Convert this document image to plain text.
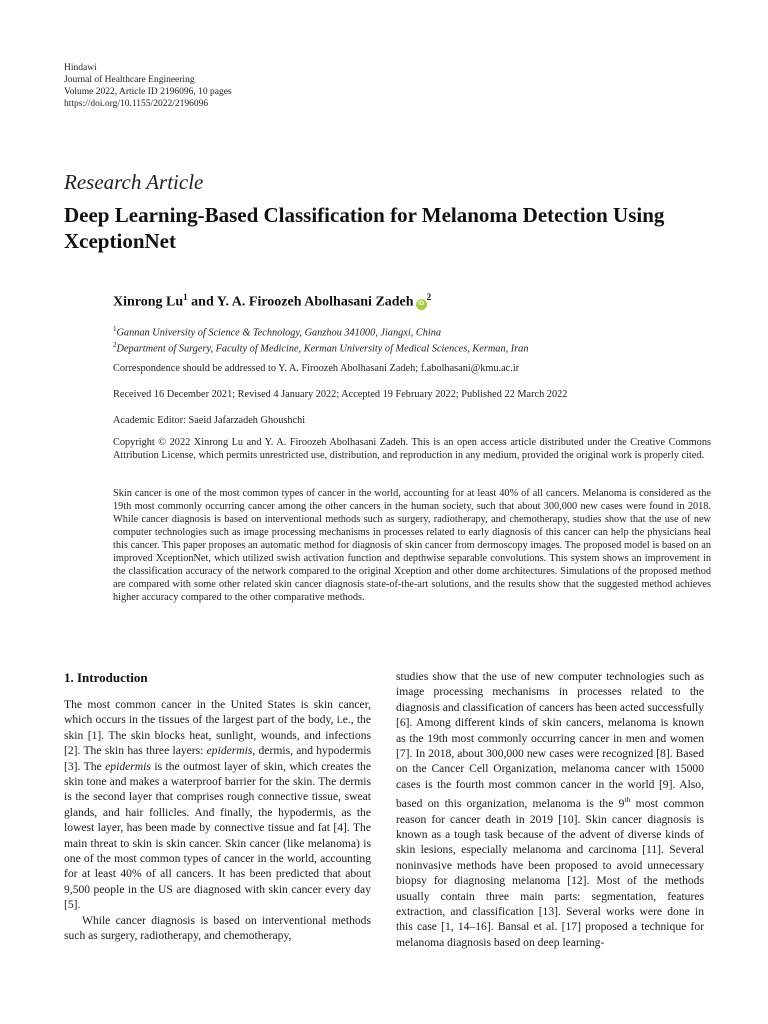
Hindawi
Journal of Healthcare Engineering
Volume 2022, Article ID 2196096, 10 pages
https://doi.org/10.1155/2022/2196096
Research Article
Deep Learning-Based Classification for Melanoma Detection Using XceptionNet
Xinrong Lu$^1$ and Y. A. Firoozeh Abolhasani Zadeh $iD^2$
$^1$Gannan University of Science & Technology, Ganzhou 341000, Jiangxi, China
$^2$Department of Surgery, Faculty of Medicine, Kerman University of Medical Sciences, Kerman, Iran
Correspondence should be addressed to Y. A. Firoozeh Abolhasani Zadeh; f.abolhasani@kmu.ac.ir
Received 16 December 2021; Revised 4 January 2022; Accepted 19 February 2022; Published 22 March 2022
Academic Editor: Saeid Jafarzadeh Ghoushchi
Copyright © 2022 Xinrong Lu and Y. A. Firoozeh Abolhasani Zadeh. This is an open access article distributed under the Creative Commons Attribution License, which permits unrestricted use, distribution, and reproduction in any medium, provided the original work is properly cited.
Skin cancer is one of the most common types of cancer in the world, accounting for at least 40% of all cancers. Melanoma is considered as the 19th most commonly occurring cancer among the other cancers in the human society, such that about 300,000 new cases were found in 2018. While cancer diagnosis is based on interventional methods such as surgery, radiotherapy, and chemotherapy, studies show that the use of new computer technologies such as image processing mechanisms in processes related to early diagnosis of this cancer can help the physicians heal this cancer. This paper proposes an automatic method for diagnosis of skin cancer from dermoscopy images. The proposed model is based on an improved XceptionNet, which utilized swish activation function and depthwise separable convolutions. This system shows an improvement in the classification accuracy of the network compared to the original Xception and other dome architectures. Simulations of the proposed method are compared with some other related skin cancer diagnosis state-of-the-art solutions, and the results show that the suggested method achieves higher accuracy compared to the other comparative methods.
1. Introduction

The most common cancer in the United States is skin cancer, which occurs in the tissues of the largest part of the body, i.e., the skin [1]. The skin blocks heat, sunlight, wounds, and infections [2]. The skin has three layers: epidermis, dermis, and hypodermis [3]. The epidermis is the outmost layer of skin, which creates the skin tone and makes a waterproof barrier for the skin. The dermis is the second layer that comprises rough connective tissue, sweat glands, and hair follicles. And finally, the hypodermis, as the lowest layer, has been made by connective tissue and fat [4]. The main threat to skin is skin cancer. Skin cancer (like melanoma) is one of the most common types of cancer in the world, accounting for at least 40% of all cancers. It has been predicted that about 9,500 people in the US are diagnosed with skin cancer every day [5].

While cancer diagnosis is based on interventional methods such as surgery, radiotherapy, and chemotherapy,

studies show that the use of new computer technologies such as image processing mechanisms in processes related to the diagnosis and classification of cancers has been acted successfully [6]. Among different kinds of skin cancers, melanoma is known as the 19th most commonly occurring cancer in men and women [7]. In 2018, about 300,000 new cases were recognized [8]. Based on the Cancer Cell Organization, melanoma cancer with 15000 cases is the fourth most common cancer in the world [9]. Also, based on this organization, melanoma is the 9th most common reason for cancer death in 2019 [10]. Skin cancer diagnosis is known as a tough task because of the advent of diverse kinds of skin lesions, especially melanoma and carcinoma [11]. Several noninvasive methods have been proposed to avoid unnecessary biopsy for diagnosing melanoma [12]. Most of the methods usually contain three main parts: segmentation, features extraction, and classification [13]. Several works were done in this case [1, 14–16]. Bansal et al. [17] proposed a technique for melanoma diagnosis based on deep learning-
